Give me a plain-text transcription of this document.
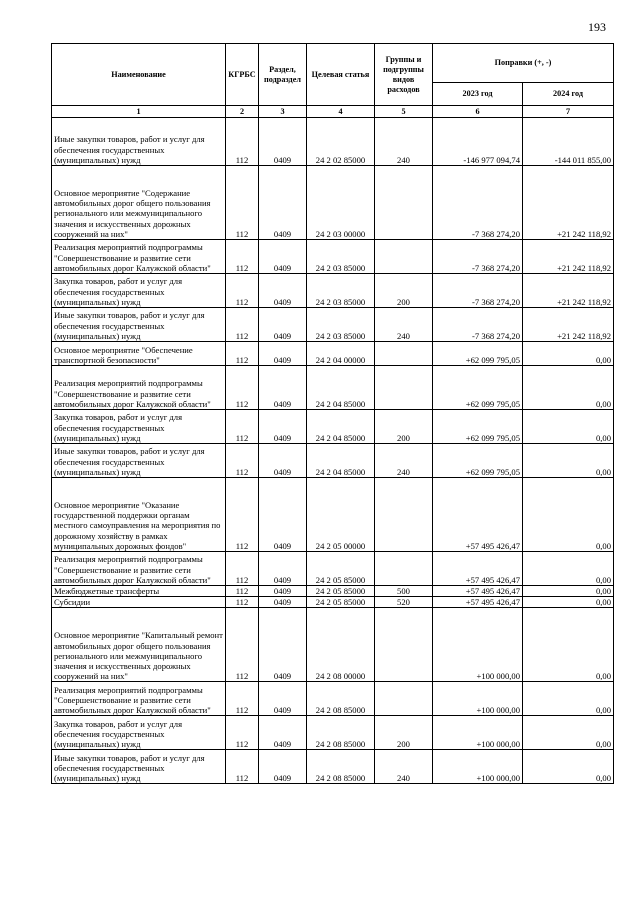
193
Наименование	КГРБС	Раздел, подраздел	Целевая статья	Группы и подгруппы видов расходов	Поправки (+, -)	
					2023 год	2024 год
1	2	3	4	5	6	7
Иные закупки товаров, работ и услуг для обеспечения государственных (муниципальных) нужд	112	0409	24 2 02 85000	240	-146 977 094,74	-144 011 855,00
Основное мероприятие "Содержание автомобильных дорог общего пользования регионального или межмуниципального значения и искусственных дорожных сооружений на них"	112	0409	24 2 03 00000		-7 368 274,20	+21 242 118,92
Реализация мероприятий подпрограммы "Совершенствование и развитие сети автомобильных дорог Калужской области"	112	0409	24 2 03 85000		-7 368 274,20	+21 242 118,92
Закупка товаров, работ и услуг для обеспечения государственных (муниципальных) нужд	112	0409	24 2 03 85000	200	-7 368 274,20	+21 242 118,92
Иные закупки товаров, работ и услуг для обеспечения государственных (муниципальных) нужд	112	0409	24 2 03 85000	240	-7 368 274,20	+21 242 118,92
Основное мероприятие "Обеспечение транспортной безопасности"	112	0409	24 2 04 00000		+62 099 795,05	0,00
Реализация мероприятий подпрограммы "Совершенствование и развитие сети автомобильных дорог Калужской области"	112	0409	24 2 04 85000		+62 099 795,05	0,00
Закупка товаров, работ и услуг для обеспечения государственных (муниципальных) нужд	112	0409	24 2 04 85000	200	+62 099 795,05	0,00
Иные закупки товаров, работ и услуг для обеспечения государственных (муниципальных) нужд	112	0409	24 2 04 85000	240	+62 099 795,05	0,00
Основное мероприятие "Оказание государственной поддержки органам местного самоуправления на мероприятия по дорожному хозяйству в рамках муниципальных дорожных фондов"	112	0409	24 2 05 00000		+57 495 426,47	0,00
Реализация мероприятий подпрограммы "Совершенствование и развитие сети автомобильных дорог Калужской области"	112	0409	24 2 05 85000		+57 495 426,47	0,00
Межбюджетные трансферты	112	0409	24 2 05 85000	500	+57 495 426,47	0,00
Субсидии	112	0409	24 2 05 85000	520	+57 495 426,47	0,00
Основное мероприятие "Капитальный ремонт автомобильных дорог общего пользования регионального или межмуниципального значения и искусственных дорожных сооружений на них"	112	0409	24 2 08 00000		+100 000,00	0,00
Реализация мероприятий подпрограммы "Совершенствование и развитие сети автомобильных дорог Калужской области"	112	0409	24 2 08 85000		+100 000,00	0,00
Закупка товаров, работ и услуг для обеспечения государственных (муниципальных) нужд	112	0409	24 2 08 85000	200	+100 000,00	0,00
Иные закупки товаров, работ и услуг для обеспечения государственных (муниципальных) нужд	112	0409	24 2 08 85000	240	+100 000,00	0,00
